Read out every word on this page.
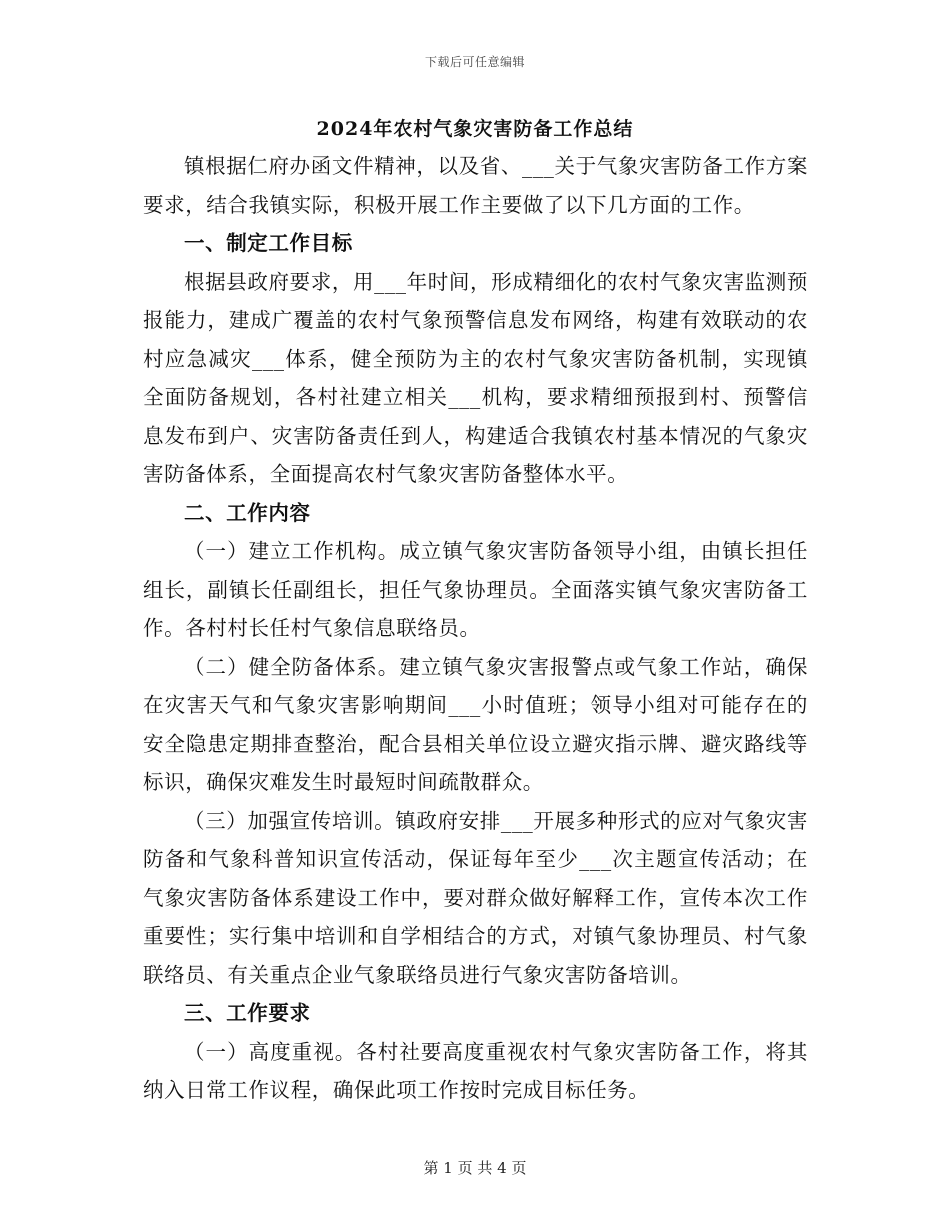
下载后可任意编辑
2024年农村气象灾害防备工作总结

镇根据仁府办函文件精神，以及省、___关于气象灾害防备工作方案要求，结合我镇实际，积极开展工作主要做了以下几方面的工作。

一、制定工作目标

根据县政府要求，用___年时间，形成精细化的农村气象灾害监测预报能力，建成广覆盖的农村气象预警信息发布网络，构建有效联动的农村应急减灾___体系，健全预防为主的农村气象灾害防备机制，实现镇全面防备规划，各村社建立相关___机构，要求精细预报到村、预警信息发布到户、灾害防备责任到人，构建适合我镇农村基本情况的气象灾害防备体系，全面提高农村气象灾害防备整体水平。

二、工作内容

（一）建立工作机构。成立镇气象灾害防备领导小组，由镇长担任组长，副镇长任副组长，担任气象协理员。全面落实镇气象灾害防备工作。各村村长任村气象信息联络员。

（二）健全防备体系。建立镇气象灾害报警点或气象工作站，确保在灾害天气和气象灾害影响期间___小时值班；领导小组对可能存在的安全隐患定期排查整治，配合县相关单位设立避灾指示牌、避灾路线等标识，确保灾难发生时最短时间疏散群众。

（三）加强宣传培训。镇政府安排___开展多种形式的应对气象灾害防备和气象科普知识宣传活动，保证每年至少___次主题宣传活动；在气象灾害防备体系建设工作中，要对群众做好解释工作，宣传本次工作重要性；实行集中培训和自学相结合的方式，对镇气象协理员、村气象联络员、有关重点企业气象联络员进行气象灾害防备培训。

三、工作要求

（一）高度重视。各村社要高度重视农村气象灾害防备工作，将其纳入日常工作议程，确保此项工作按时完成目标任务。

第 1 页 共 4 页
